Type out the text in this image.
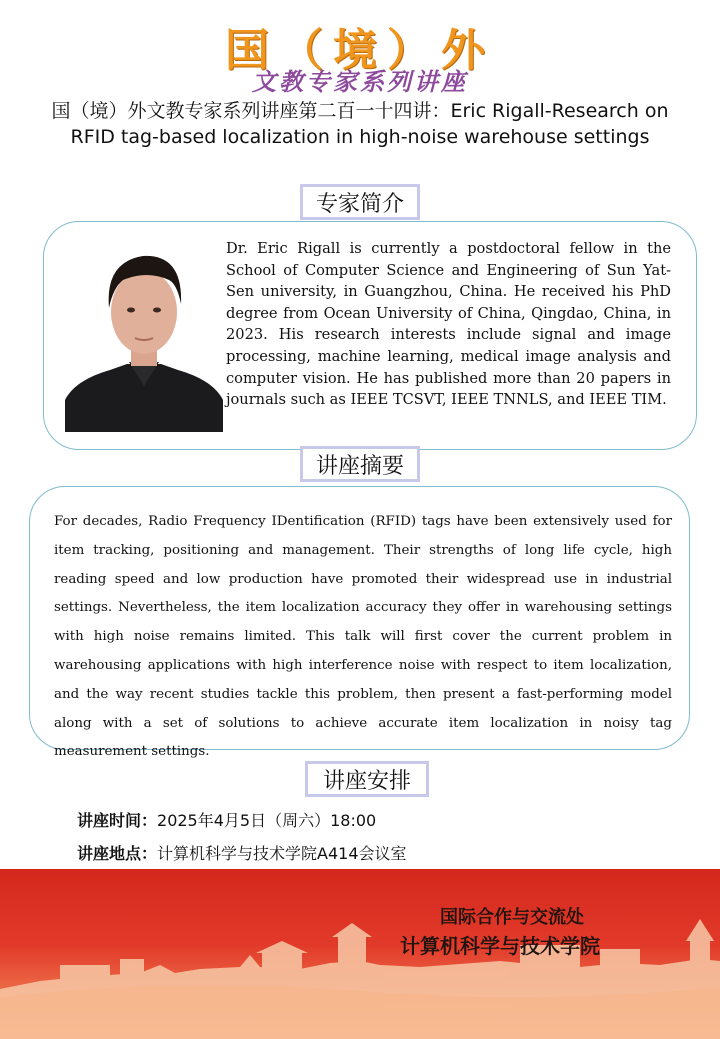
国（境）外
文教专家系列讲座
国（境）外文教专家系列讲座第二百一十四讲：Eric Rigall-Research on RFID tag-based localization in high-noise warehouse settings
专家简介
Dr. Eric Rigall is currently a postdoctoral fellow in the School of Computer Science and Engineering of Sun Yat-Sen university, in Guangzhou, China. He received his PhD degree from Ocean University of China, Qingdao, China, in 2023. His research interests include signal and image processing, machine learning, medical image analysis and computer vision. He has published more than 20 papers in journals such as IEEE TCSVT, IEEE TNNLS, and IEEE TIM.
讲座摘要
For decades, Radio Frequency IDentification (RFID) tags have been extensively used for item tracking, positioning and management. Their strengths of long life cycle, high reading speed and low production have promoted their widespread use in industrial settings. Nevertheless, the item localization accuracy they offer in warehousing settings with high noise remains limited. This talk will first cover the current problem in warehousing applications with high interference noise with respect to item localization, and the way recent studies tackle this problem, then present a fast-performing model along with a set of solutions to achieve accurate item localization in noisy tag measurement settings.
讲座安排
讲座时间：2025年4月5日（周六）18:00
讲座地点：计算机科学与技术学院A414会议室
国际合作与交流处
计算机科学与技术学院
